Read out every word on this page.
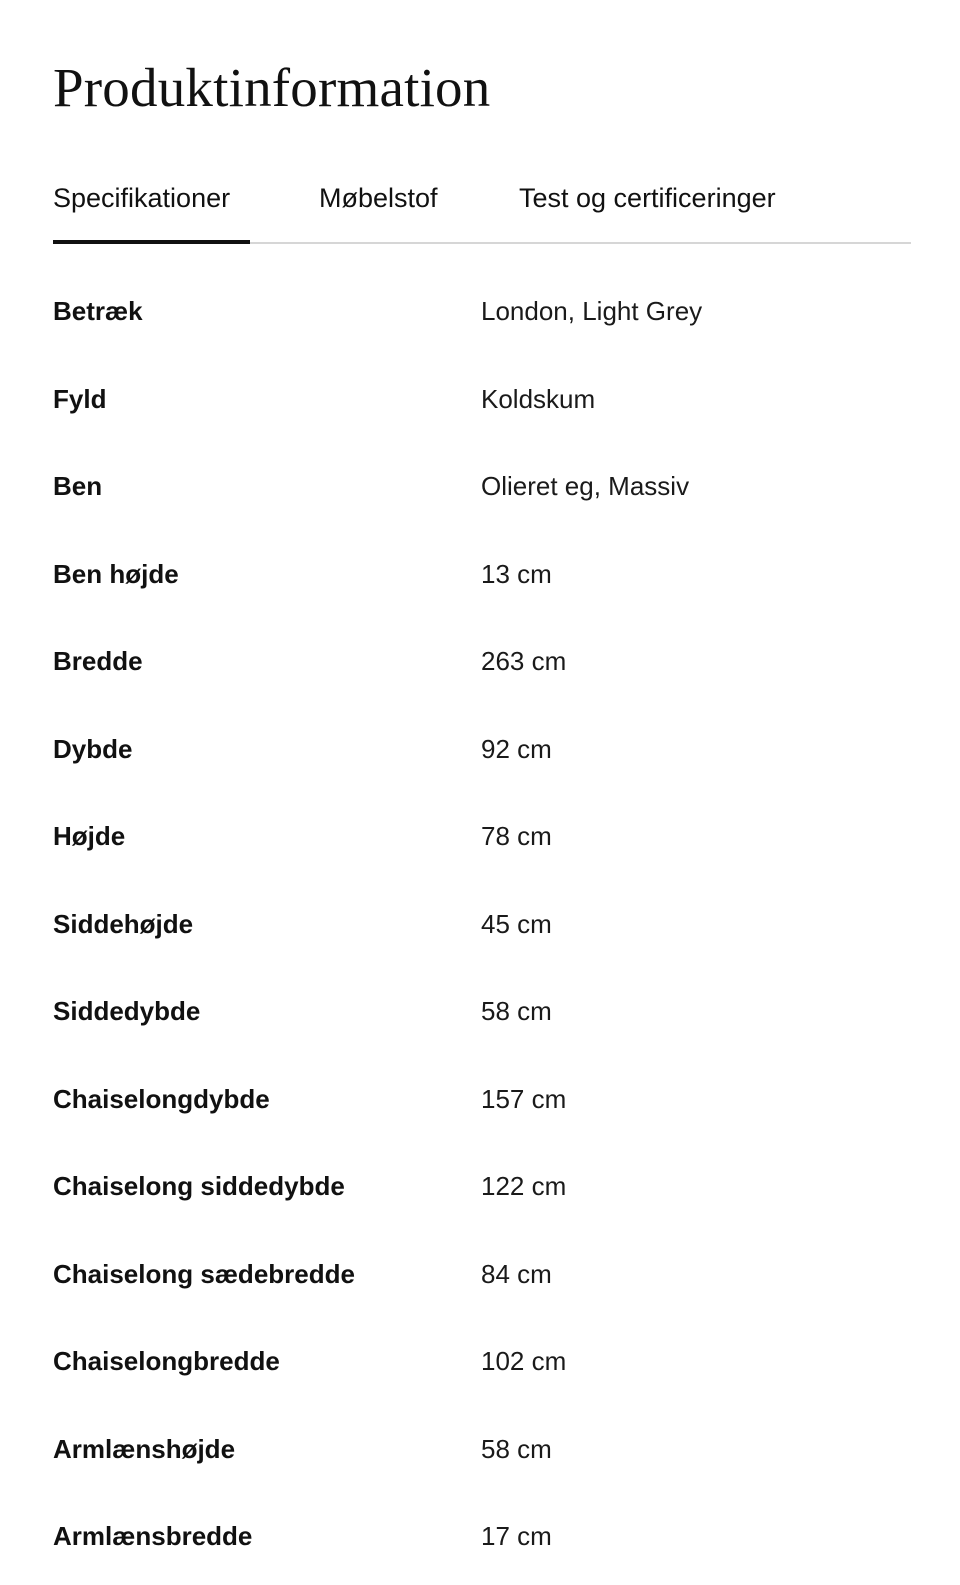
Produktinformation
Specifikationer	Møbelstof	Test og certificeringer
Betræk	London, Light Grey
Fyld	Koldskum
Ben	Olieret eg, Massiv
Ben højde	13 cm
Bredde	263 cm
Dybde	92 cm
Højde	78 cm
Siddehøjde	45 cm
Siddedybde	58 cm
Chaiselongdybde	157 cm
Chaiselong siddedybde	122 cm
Chaiselong sædebredde	84 cm
Chaiselongbredde	102 cm
Armlænshøjde	58 cm
Armlænsbredde	17 cm
